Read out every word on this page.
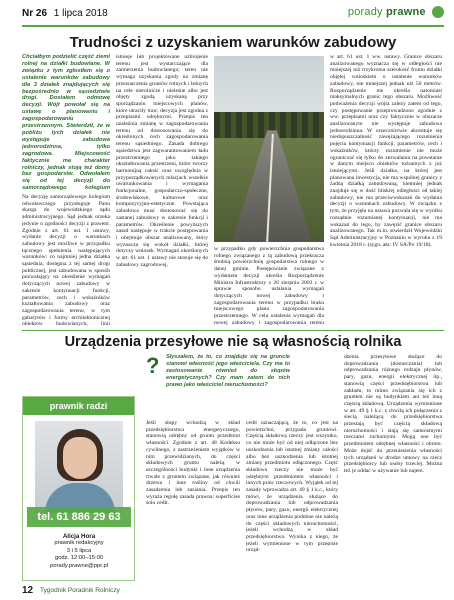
Nr 26 1 lipca 2018	porady prawne
Trudności z uzyskaniem warunków zabudowy
Chciałbym podzielić część ziemi rolnej na działki budowlane. W związku z tym zgłosiłem się o ustalenie warunków zabudowy dla 3 działek znajdujących się bezpośrednio w sąsiedztwie drogi. Dostałem odmowę decyzji. Wójt powołał się na ustawę o planowaniu i zagospodarowaniu przestrzennym. Stwierdził, że w pobliżu tych działek nie występuje zabudowa jednorodzinna, tylko zagrodowa. Miejscowość faktycznie ma charakter rolniczy, jednak stoją też domy bez gospodarstw. Odwołałem się od tej decyzji do samorządowego kolegium

Na decyzję samorządowego kolegium odwoławczego przysługuje Panu skarga do wojewódzkiego sądu administracyjnego. Sąd jednak orzeka jedynie o zgodności decyzji z prawem. Zgodnie z art. 61 ust. 1 ustawy, wydanie decyzji o warunkach zabudowy jest możliwe w przypadku łącznego spełnienia następujących warunków: co najmniej jedna działka sąsiednia, dostępna z tej samej drogi publicznej, jest zabudowana w sposób pozwalający na określenie wymagań dotyczących nowej zabudowy w zakresie kontynuacji funkcji, parametrów, cech i wskaźników kształtowania zabudowy oraz zagospodarowania terenu, w tym gabarytów i formy architektonicznej obiektów budowlanych, linii

istnieje lub projektowane uzbrojenie terenu jest wystarczające dla zamierzenia budowlanego; teren nie wymaga uzyskania zgody na zmianę przeznaczenia gruntów rolnych i leśnych na cele nierolnicze i nieleśne albo jest objęty zgodą uzyskaną przy sporządzaniu miejscowych planów, które utraciły moc; decyzja jest zgodna z przepisami odrębnymi. Przepis ten uzależnia zmianę w zagospodarowaniu terenu od dostosowania się do określonych cech zagospodarowania terenu sąsiedniego. Zasada dobrego sąsiedztwa jest zagwarantowaniem ładu przestrzennego jako takiego ukształtowania przestrzeni, które tworzy harmonijną całość oraz uwzględnia w przyporządkowanych relacjach wszelkie uwarunkowania i wymagania funkcjonalne, gospodarczo-społeczne, środowiskowe, kulturowe oraz kompozycyjno-estetyczne. Powstająca zabudowa musi dostosować się do zastanej zabudowy w zakresie funkcji i parametrów. Określenie powyższych zasad następuje w trakcie postępowania i obejmuje obszar analizowany, który wyznacza się wokół działki, której dotyczy wniosek. Wymagań określonych w art. 61 ust. 1 ustawy nie stosuje się do zabudowy zagrodowej,

w przypadku gdy powierzchnia gospodarstwa rolnego związanego z tą zabudową przekracza średnią powierzchnię gospodarstwa rolnego w danej gminie. Postępowanie związane z wydaniem decyzji określa Rozporządzenie Ministra Infrastruktury z 26 sierpnia 2003 r. w sprawie sposobu ustalania wymagań dotyczących nowej zabudowy i zagospodarowania terenu w przypadku braku miejscowego planu zagospodarowania przestrzennego. W celu ustalenia wymagań dla nowej zabudowy i zagospodarowania terenu

w art. 61 ust. 1 ww. ustawy. Granice obszaru analizowanego wyznacza się w odległości nie mniejszej niż trzykrotna szerokość frontu działki objętej wnioskiem o ustalenie warunków zabudowy, nie mniejszej jednak niż 50 metrów. Rozporządzenie nie określa natomiast maksymalnych granic tego obszaru. Możliwość podważenia decyzji wójta zależy zatem od tego, czy postępowanie przeprowadzono zgodnie z ww. przepisami oraz czy faktycznie w obszarze analizowanym nie występuje zabudowa jednorodzinna. W orzecznictwie akcentuje się niedopuszczalność zawężającego rozumienia pojęcia kontynuacji funkcji, parametrów, cech i wskaźników, którzy rozumienie nie może ograniczać się tylko do zezwalania na powstanie w danym miejscu obiektów tożsamych z już istniejącymi. Jeśli działka, na której jest planowana inwestycja, nie ma wspólnej granicy z żadną działką zabudowaną, niemniej jednak znajduje się w dość bliskiej odległości od takiej zabudowy, nie ma przeciwwskazań do wydania decyzji o warunkach zabudowy. W związku z tym, że przyjęła na ustawa pozwala się w wyniku rozsądnie rozumianej kontynuacji, nie ma wskazań do tego, by zawęzić granice obszaru analizowanego. Tak m.in. stwierdził Wojewódzki Sąd Administracyjny w Poznaniu w wyroku z 19 kwietnia 2018 r. (sygn. akt: IV SA/Po 19/18).

Urządzenia przesyłowe nie są własnością rolnika
? Słyszałem, że to, co znajduje się na gruncie stanowi własność jego właściciela. Czy ma to zastosowanie również do słupów energetycznych? Czy mam zatem do nich prawo jako właściciel nieruchomości?
prawnik radzi
tel. 61 886 29 63
Alicja Hora
prawnik redakcyjny
3 i 5 lipca
godz. 12:00–15:00
porady.prawne@ppr.pl

Jeśli słupy wchodzą w skład przedsiębiorstwa energetycznego, stanowią odrębny od gruntu przedmiot własności. Zgodnie z art. 48 Kodeksu cywilnego, z zastrzeżeniem wyjątków w nim przewidzianych, do części składowych gruntu należą w szczególności budynki i inne urządzenia trwale z gruntem związane, jak również drzewa i inne rośliny od chwili zasadzenia lub zasiania. Przepis ten wyraża regułę zasada prawna: superficies solo cedit.

cedit oznaczającą, że to, co jest na powierzchni, przypada gruntowi. Częścią składową rzeczy jest wszystko, co nie może być od niej odłączone bez uszkodzenia lub istotnej zmiany całości albo bez uszkodzenia lub istotnej zmiany przedmiotu odłączonego. Część składowa rzeczy nie może być odrębnym przedmiotem własności i innych praw rzeczowych. Wyjątek od tej zasady wprowadza art. 49 § 1 k.c., który mówi, że urządzenia służące do doprowadzania lub odprowadzania płynów, pary, gazu, energii elektrycznej oraz inne urządzenia podobne nie należą do części składowych nieruchomości, jeżeli wchodzą w skład przedsiębiorstwa. Wynika z niego, że jeżeli wymienione w tym przepisie urząd-

dzenia przesyłowe służące do doprowadzania (dostarczania) lub odprowadzania różnego rodzaju płynów, pary, gazu, energii elektrycznej itp., stanowią części przedsiębiorstwa lub zakładu, to mimo związania się ich z gruntem nie są budynkiem ani też inną częścią składową. Urządzenia wymienione w art. 49 § 1 k.c. z chwilą ich połączenia z siecią należącą do przedsiębiorstwa przestają być częścią składową nieruchomości i stają się samoistnymi rzeczami ruchomymi. Mogą one być przedmiotem odrębnej własności i obrotu. Może dojść do przeniesienia własności tych urządzeń w drodze umowy na rzecz przedsiębiorcy lub osoby trzeciej. Można też je oddać w używanie lub najem.

12 Tygodnik Poradnik Rolniczy
